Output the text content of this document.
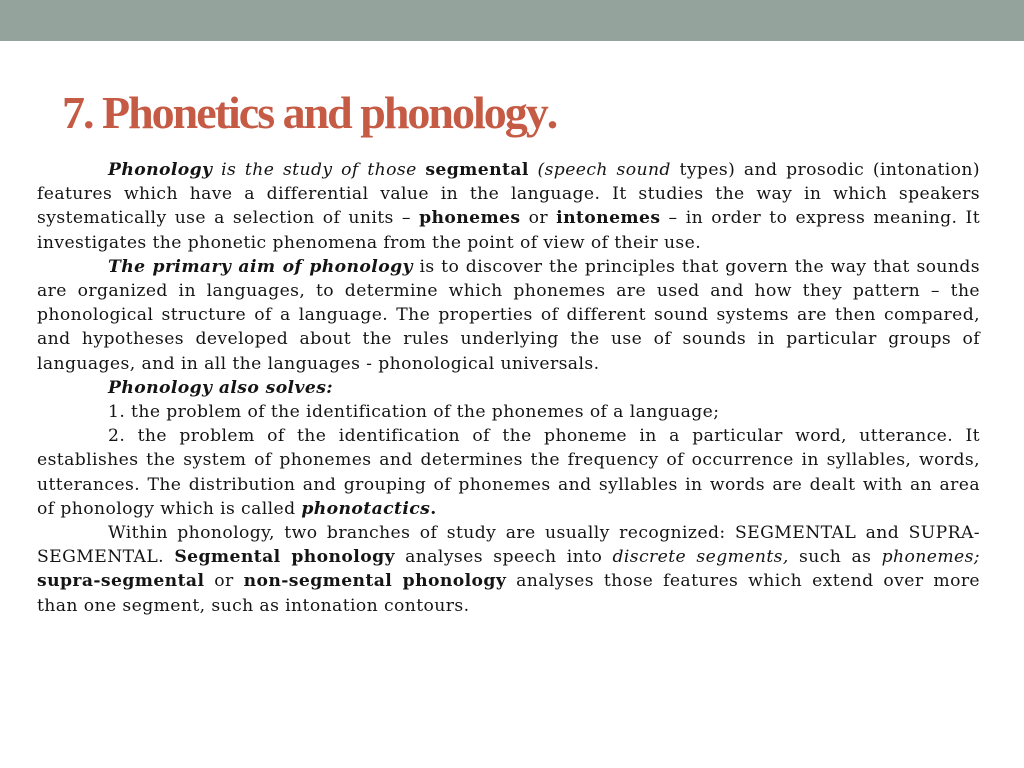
7. Phonetics and phonology.

Phonology is the study of those segmental (speech sound types) and prosodic (intonation) features which have a differential value in the language. It studies the way in which speakers systematically use a selection of units – phonemes or intonemes – in order to express meaning. It investigates the phonetic phenomena from the point of view of their use.

The primary aim of phonology is to discover the principles that govern the way that sounds are organized in languages, to determine which phonemes are used and how they pattern – the phonological structure of a language. The properties of different sound systems are then compared, and hypotheses developed about the rules underlying the use of sounds in particular groups of languages, and in all the languages - phonological universals.

Phonology also solves:

1. the problem of the identification of the phonemes of a language;

2. the problem of the identification of the phoneme in a particular word, utterance. It establishes the system of phonemes and determines the frequency of occurrence in syllables, words, utterances. The distribution and grouping of phonemes and syllables in words are dealt with an area of phonology which is called phonotactics.

Within phonology, two branches of study are usually recognized: SEGMENTAL and SUPRA-SEGMENTAL. Segmental phonology analyses speech into discrete segments, such as phonemes; supra-segmental or non-segmental phonology analyses those features which extend over more than one segment, such as intonation contours.
